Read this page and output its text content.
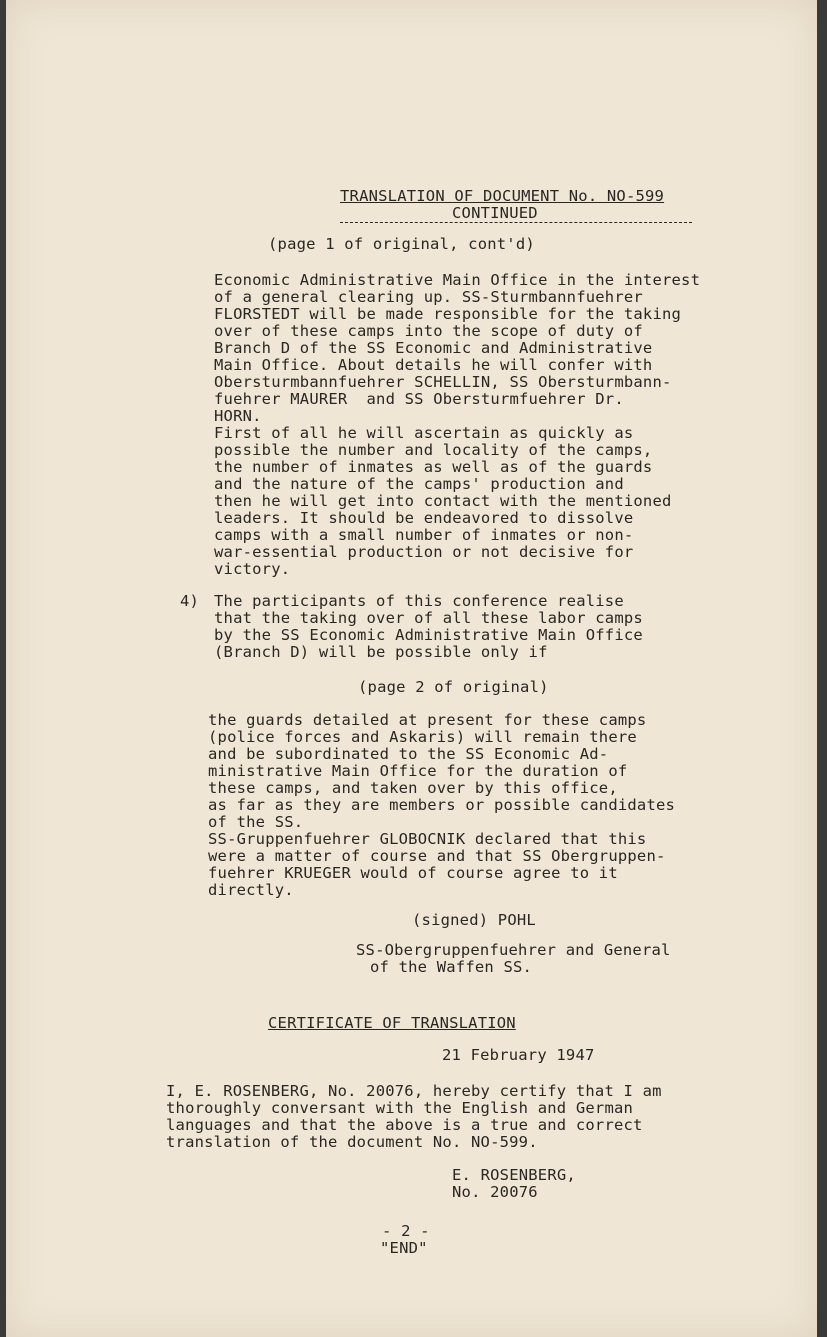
TRANSLATION OF DOCUMENT No. NO-599
CONTINUED
(page 1 of original, cont'd)
Economic Administrative Main Office in the interest
of a general clearing up. SS-Sturmbannfuehrer
FLORSTEDT will be made responsible for the taking
over of these camps into the scope of duty of
Branch D of the SS Economic and Administrative
Main Office. About details he will confer with
Obersturmbannfuehrer SCHELLIN, SS Obersturmbann-
fuehrer MAURER  and SS Obersturmfuehrer Dr.
HORN.
First of all he will ascertain as quickly as
possible the number and locality of the camps,
the number of inmates as well as of the guards
and the nature of the camps' production and
then he will get into contact with the mentioned
leaders. It should be endeavored to dissolve
camps with a small number of inmates or non-
war-essential production or not decisive for
victory.
4) The participants of this conference realise
that the taking over of all these labor camps
by the SS Economic Administrative Main Office
(Branch D) will be possible only if
(page 2 of original)
the guards detailed at present for these camps
(police forces and Askaris) will remain there
and be subordinated to the SS Economic Ad-
ministrative Main Office for the duration of
these camps, and taken over by this office,
as far as they are members or possible candidates
of the SS.
SS-Gruppenfuehrer GLOBOCNIK declared that this
were a matter of course and that SS Obergruppen-
fuehrer KRUEGER would of course agree to it
directly.
(signed) POHL
SS-Obergruppenfuehrer and General
of the Waffen SS.
CERTIFICATE OF TRANSLATION
21 February 1947
I, E. ROSENBERG, No. 20076, hereby certify that I am
thoroughly conversant with the English and German
languages and that the above is a true and correct
translation of the document No. NO-599.
E. ROSENBERG,
No. 20076
- 2 -
"END"
